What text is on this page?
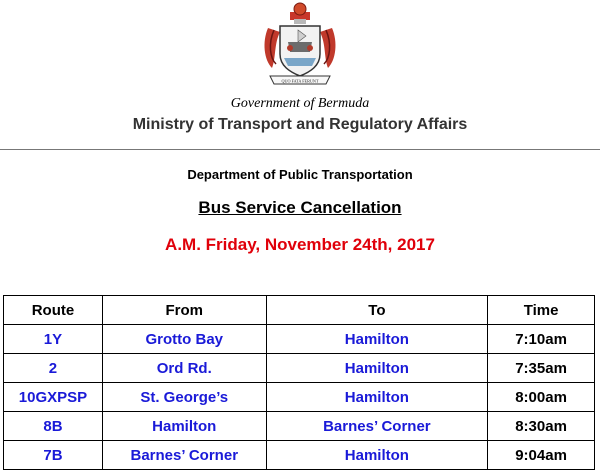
QUO FATA FERUNT
Government of Bermuda
Ministry of Transport and Regulatory Affairs
Department of Public Transportation
Bus Service Cancellation
A.M. Friday, November 24th, 2017
Route	From	To	Time
1Y	Grotto Bay	Hamilton	7:10am
2	Ord Rd.	Hamilton	7:35am
10GXPSP	St. George’s	Hamilton	8:00am
8B	Hamilton	Barnes’ Corner	8:30am
7B	Barnes’ Corner	Hamilton	9:04am
